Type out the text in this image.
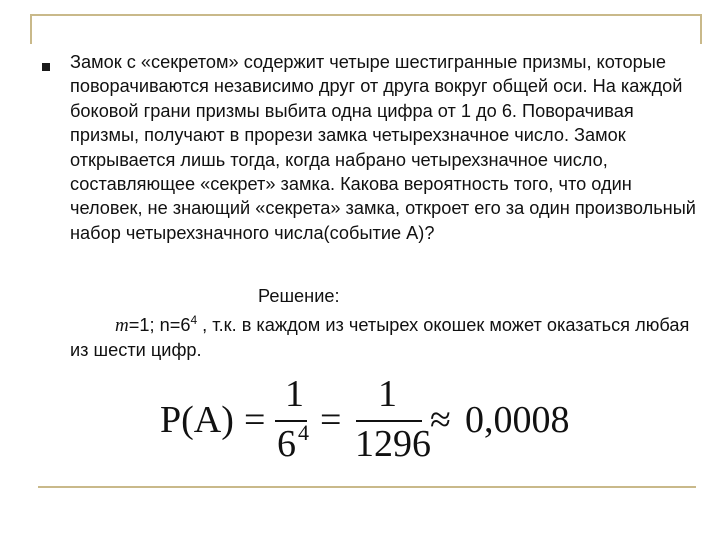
Замок с «секретом» содержит четыре шестигранные призмы, которые поворачиваются независимо друг от друга вокруг общей оси. На каждой боковой грани призмы выбита одна цифра от 1 до 6. Поворачивая призмы, получают в прорези замка четырехзначное число. Замок открывается лишь тогда, когда набрано четырехзначное число, составляющее «секрет» замка. Какова вероятность того, что один человек, не знающий «секрета» замка, откроет его за один произвольный набор четырехзначного числа(событие А)?

Решение:

m=1; $n=6^4$ , т.к. в каждом из четырех окошек может оказаться любая из шести цифр.

P(A) =
1
6 4 =
1
1296
≈ 0,0008
